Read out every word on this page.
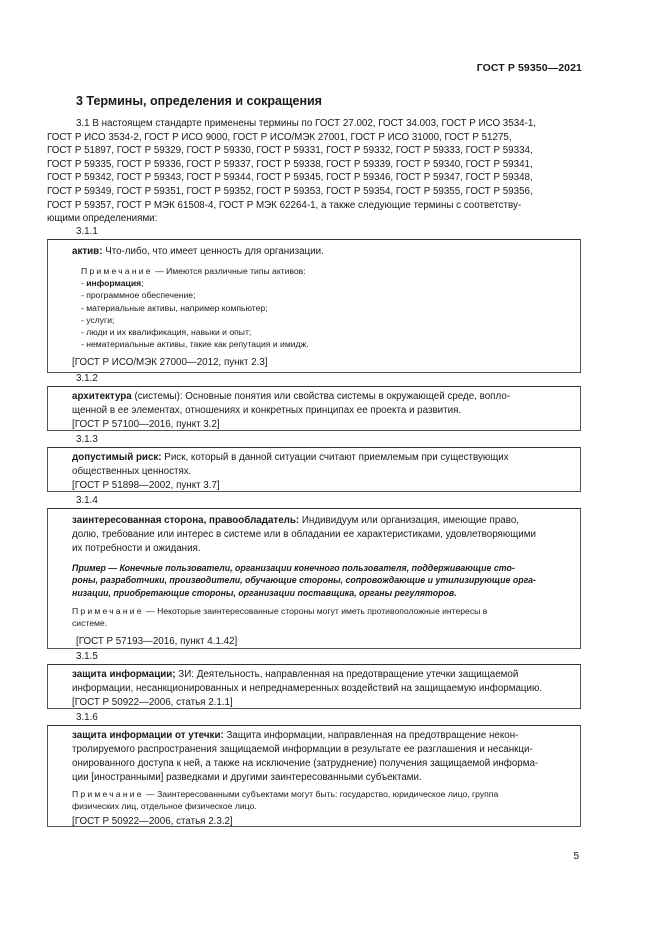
ГОСТ Р 59350—2021
3 Термины, определения и сокращения
3.1 В настоящем стандарте применены термины по ГОСТ 27.002, ГОСТ 34.003, ГОСТ Р ИСО 3534-1,
ГОСТ Р ИСО 3534-2, ГОСТ Р ИСО 9000, ГОСТ Р ИСО/МЭК 27001, ГОСТ Р ИСО 31000, ГОСТ Р 51275,
ГОСТ Р 51897, ГОСТ Р 59329, ГОСТ Р 59330, ГОСТ Р 59331, ГОСТ Р 59332, ГОСТ Р 59333, ГОСТ Р 59334,
ГОСТ Р 59335, ГОСТ Р 59336, ГОСТ Р 59337, ГОСТ Р 59338, ГОСТ Р 59339, ГОСТ Р 59340, ГОСТ Р 59341,
ГОСТ Р 59342, ГОСТ Р 59343, ГОСТ Р 59344, ГОСТ Р 59345, ГОСТ Р 59346, ГОСТ Р 59347, ГОСТ Р 59348,
ГОСТ Р 59349, ГОСТ Р 59351, ГОСТ Р 59352, ГОСТ Р 59353, ГОСТ Р 59354, ГОСТ Р 59355, ГОСТ Р 59356,
ГОСТ Р 59357, ГОСТ Р МЭК 61508-4, ГОСТ Р МЭК 62264-1, а также следующие термины с соответству-
ющими определениями:
3.1.1
актив: Что-либо, что имеет ценность для организации.
Примечание — Имеются различные типы активов:
- информация;
- программное обеспечение;
- материальные активы, например компьютер;
- услуги;
- люди и их квалификация, навыки и опыт;
- нематериальные активы, такие как репутация и имидж.
[ГОСТ Р ИСО/МЭК 27000—2012, пункт 2.3]
3.1.2
архитектура (системы): Основные понятия или свойства системы в окружающей среде, вопло-
щенной в ее элементах, отношениях и конкретных принципах ее проекта и развития.
[ГОСТ Р 57100—2016, пункт 3.2]
3.1.3
допустимый риск: Риск, который в данной ситуации считают приемлемым при существующих
общественных ценностях.
[ГОСТ Р 51898—2002, пункт 3.7]
3.1.4
заинтересованная сторона, правообладатель: Индивидуум или организация, имеющие право,
долю, требование или интерес в системе или в обладании ее характеристиками, удовлетворяющими
их потребности и ожидания.
Пример — Конечные пользователи, организации конечного пользователя, поддерживающие сто-
роны, разработчики, производители, обучающие стороны, сопровождающие и утилизирующие орга-
низации, приобретающие стороны, организации поставщика, органы регуляторов.
Примечание — Некоторые заинтересованные стороны могут иметь противоположные интересы в
системе.
[ГОСТ Р 57193—2016, пункт 4.1.42]
3.1.5
защита информации; ЗИ: Деятельность, направленная на предотвращение утечки защищаемой
информации, несанкционированных и непреднамеренных воздействий на защищаемую информацию.
[ГОСТ Р 50922—2006, статья 2.1.1]
3.1.6
защита информации от утечки: Защита информации, направленная на предотвращение некон-
тролируемого распространения защищаемой информации в результате ее разглашения и несанкци-
онированного доступа к ней, а также на исключение (затруднение) получения защищаемой информа-
ции [иностранными] разведками и другими заинтересованными субъектами.
Примечание — Заинтересованными субъектами могут быть: государство, юридическое лицо, группа
физических лиц, отдельное физическое лицо.
[ГОСТ Р 50922—2006, статья 2.3.2]
5
